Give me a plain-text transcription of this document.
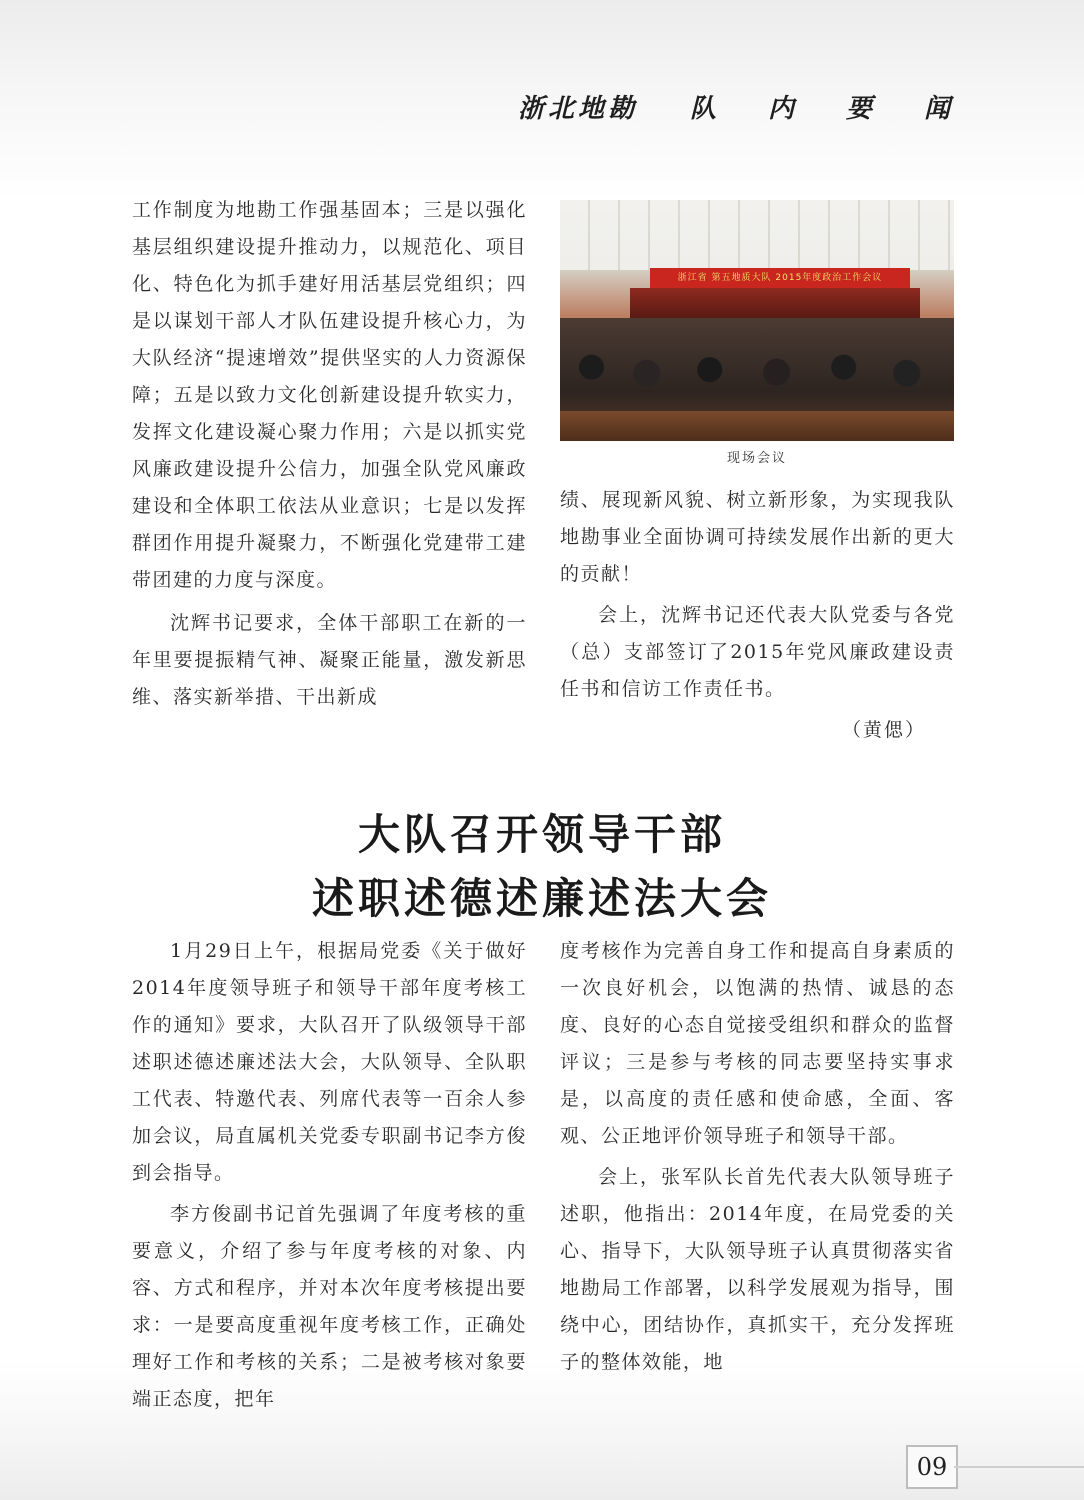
浙北地勘 队 内 要 闻

工作制度为地勘工作强基固本；三是以强化基层组织建设提升推动力，以规范化、项目化、特色化为抓手建好用活基层党组织；四是以谋划干部人才队伍建设提升核心力，为大队经济“提速增效”提供坚实的人力资源保障；五是以致力文化创新建设提升软实力，发挥文化建设凝心聚力作用；六是以抓实党风廉政建设提升公信力，加强全队党风廉政建设和全体职工依法从业意识；七是以发挥群团作用提升凝聚力，不断强化党建带工建带团建的力度与深度。

沈辉书记要求，全体干部职工在新的一年里要提振精气神、凝聚正能量，激发新思维、落实新举措、干出新成

浙江省 第五地质大队 2015年度政治工作会议
现场会议

绩、展现新风貌、树立新形象，为实现我队地勘事业全面协调可持续发展作出新的更大的贡献！

会上，沈辉书记还代表大队党委与各党（总）支部签订了2015年党风廉政建设责任书和信访工作责任书。

（黄偲）
大队召开领导干部
述职述德述廉述法大会

1月29日上午，根据局党委《关于做好2014年度领导班子和领导干部年度考核工作的通知》要求，大队召开了队级领导干部述职述德述廉述法大会，大队领导、全队职工代表、特邀代表、列席代表等一百余人参加会议，局直属机关党委专职副书记李方俊到会指导。

李方俊副书记首先强调了年度考核的重要意义，介绍了参与年度考核的对象、内容、方式和程序，并对本次年度考核提出要求：一是要高度重视年度考核工作，正确处理好工作和考核的关系；二是被考核对象要端正态度，把年

度考核作为完善自身工作和提高自身素质的一次良好机会，以饱满的热情、诚恳的态度、良好的心态自觉接受组织和群众的监督评议；三是参与考核的同志要坚持实事求是，以高度的责任感和使命感，全面、客观、公正地评价领导班子和领导干部。

会上，张军队长首先代表大队领导班子述职，他指出：2014年度，在局党委的关心、指导下，大队领导班子认真贯彻落实省地勘局工作部署，以科学发展观为指导，围绕中心，团结协作，真抓实干，充分发挥班子的整体效能，地

09
